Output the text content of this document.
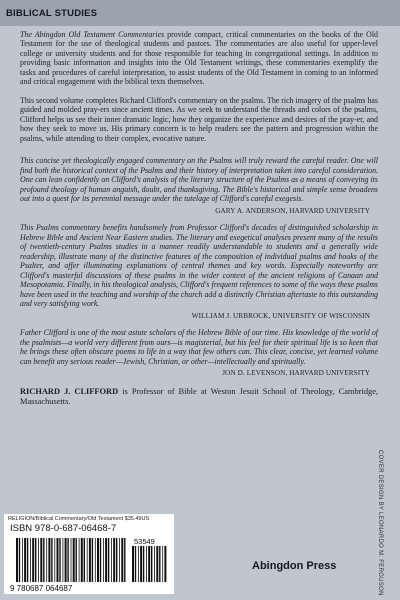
BIBLICAL STUDIES

The Abingdon Old Testament Commentaries provide compact, critical commentaries on the books of the Old Testament for the use of theological students and pastors. The commentaries are also useful for upper-level college or university students and for those responsible for teaching in congregational settings. In addition to providing basic information and insights into the Old Testament writings, these commentaries exemplify the tasks and procedures of careful interpretation, to assist students of the Old Testament in coming to an informed and critical engagement with the biblical texts themselves.

This second volume completes Richard Clifford's commentary on the psalms. The rich imagery of the psalms has guided and molded pray-ers since ancient times. As we seek to understand the threads and colors of the psalms, Clifford helps us see their inner dramatic logic, how they organize the experience and desires of the pray-er, and how they seek to move us. His primary concern is to help readers see the pattern and progression within the psalms, while attending to their complex, evocative nature.

This concise yet theologically engaged commentary on the Psalms will truly reward the careful reader. One will find both the historical context of the Psalms and their history of interpretation taken into careful consideration. One can lean confidently on Clifford's analysis of the literary structure of the Psalms as a means of conveying its profound theology of human anguish, doubt, and thanksgiving. The Bible's historical and simple sense broadens out into a quest for its perennial message under the tutelage of Clifford's careful exegesis.

GARY A. ANDERSON, HARVARD UNIVERSITY

This Psalms commentary benefits handsomely from Professor Clifford's decades of distinguished scholarship in Hebrew Bible and Ancient Near Eastern studies. The literary and exegetical analyses present many of the results of twentieth-century Psalms studies in a manner readily understandable to students and a generally wide readership, illustrate many of the distinctive features of the composition of individual psalms and books of the Psalter, and offer illuminating explanations of central themes and key words. Especially noteworthy are Clifford's masterful discussions of these psalms in the wider context of the ancient religions of Canaan and Mesopotamia. Finally, in his theological analysis, Clifford's frequent references to some of the ways these psalms have been used in the teaching and worship of the church add a distinctly Christian aftertaste to this outstanding and very satisfying work.

WILLIAM J. URBROCK, UNIVERSITY OF WISCONSIN

Father Clifford is one of the most astute scholars of the Hebrew Bible of our time. His knowledge of the world of the psalmists—a world very different from ours—is magisterial, but his feel for their spiritual life is so keen that he brings these often obscure poems to life in a way that few others can. This clear, concise, yet learned volume can benefit any serious reader—Jewish, Christian, or other—intellectually and spiritually.

JON D. LEVENSON, HARVARD UNIVERSITY

RICHARD J. CLIFFORD is Professor of Bible at Weston Jesuit School of Theology, Cambridge, Massachusetts.

COVER DESIGN BY LEONARDO M. FERGUSON
RELIGION/Biblical Commentary/Old Testament $35.49US
ISBN 978-0-687-06468-7
9 780687 064687
53549
Abingdon Press
